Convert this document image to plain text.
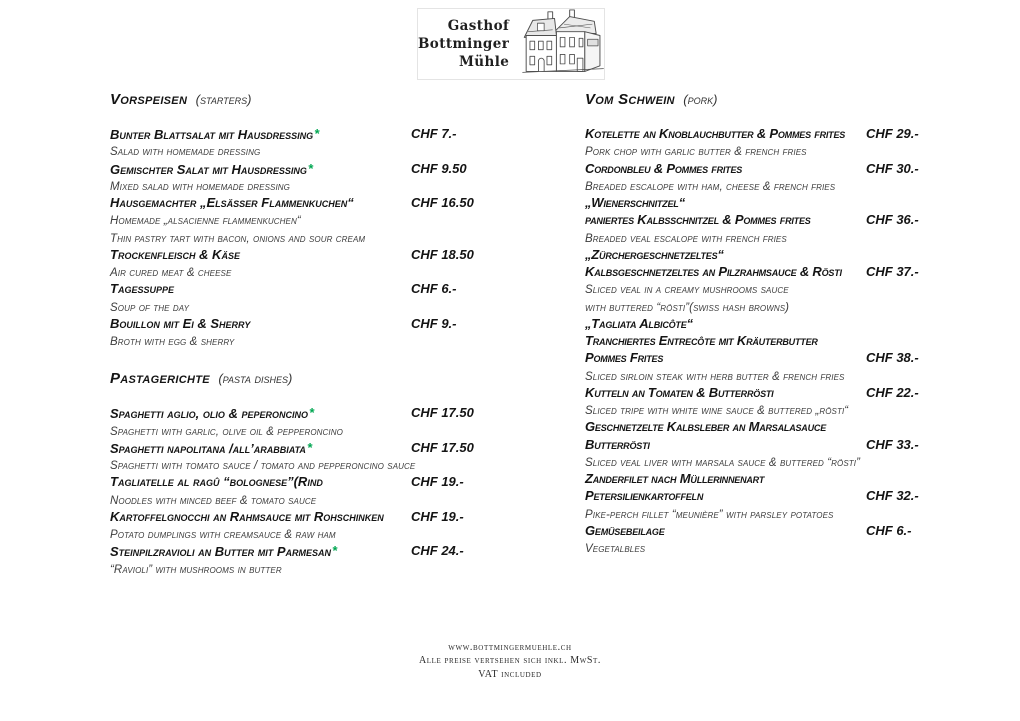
Gasthof
Bottminger
Mühle
Vorspeisen (starters)
Bunter Blattsalat mit Hausdressing*	CHF 7.-
Salad with homemade dressing
Gemischter Salat mit Hausdressing*	CHF 9.50
Mixed salad with homemade dressing
Hausgemachter „Elsässer Flammenkuchen“	CHF 16.50
Homemade „alsacienne flammenkuchen“
Thin pastry tart with bacon, onions and sour cream
Trockenfleisch & Käse	CHF 18.50
Air cured meat & cheese
Tagessuppe	CHF 6.-
Soup of the day
Bouillon mit Ei & Sherry	CHF 9.-
Broth with egg & sherry
Pastagerichte (pasta dishes)
Spaghetti aglio, olio & peperoncino*	CHF 17.50
Spaghetti with garlic, olive oil & pepperoncino
Spaghetti napolitana /all’arabbiata*	CHF 17.50
Spaghetti with tomato sauce / tomato and pepperoncino sauce
Tagliatelle al ragû “bolognese”(Rind	CHF 19.-
Noodles with minced beef & tomato sauce
Kartoffelgnocchi an Rahmsauce mit Rohschinken CHF 19.-
Potato dumplings with creamsauce & raw ham
Steinpilzravioli an Butter mit Parmesan*	CHF 24.-
“Ravioli” with mushrooms in butter
Vom Schwein (pork)
Kotelette an Knoblauchbutter & Pommes frites CHF 29.-
Pork chop with garlic butter & french fries
Cordonbleu & Pommes frites	CHF 30.-
Breaded escalope with ham, cheese & french fries
„Wienerschnitzel“
paniertes Kalbsschnitzel & Pommes frites	CHF 36.-
Breaded veal escalope with french fries
„Zürchergeschnetzeltes“
Kalbsgeschnetzeltes an Pilzrahmsauce & Rösti CHF 37.-
Sliced veal in a creamy mushrooms sauce
with buttered “rösti”(swiss hash browns)
„Tagliata Albicôte“
Tranchiertes Entrecôte mit Kräuterbutter
Pommes Frites	CHF 38.-
Sliced sirloin steak with herb butter & french fries
Kutteln an Tomaten & Butterrösti	CHF 22.-
Sliced tripe with white wine sauce & buttered „rösti“
Geschnetzelte Kalbsleber an Marsalasauce
Butterrösti	CHF 33.-
Sliced veal liver with marsala sauce & buttered “rösti”
Zanderfilet nach Müllerinnenart
Petersilienkartoffeln	CHF 32.-
Pike-perch fillet “meunière” with parsley potatoes
Gemüsebeilage	CHF 6.-
Vegetalbles
www.bottmingermuehle.ch
Alle preise vertsehen sich inkl. MwSt.
VAT included
